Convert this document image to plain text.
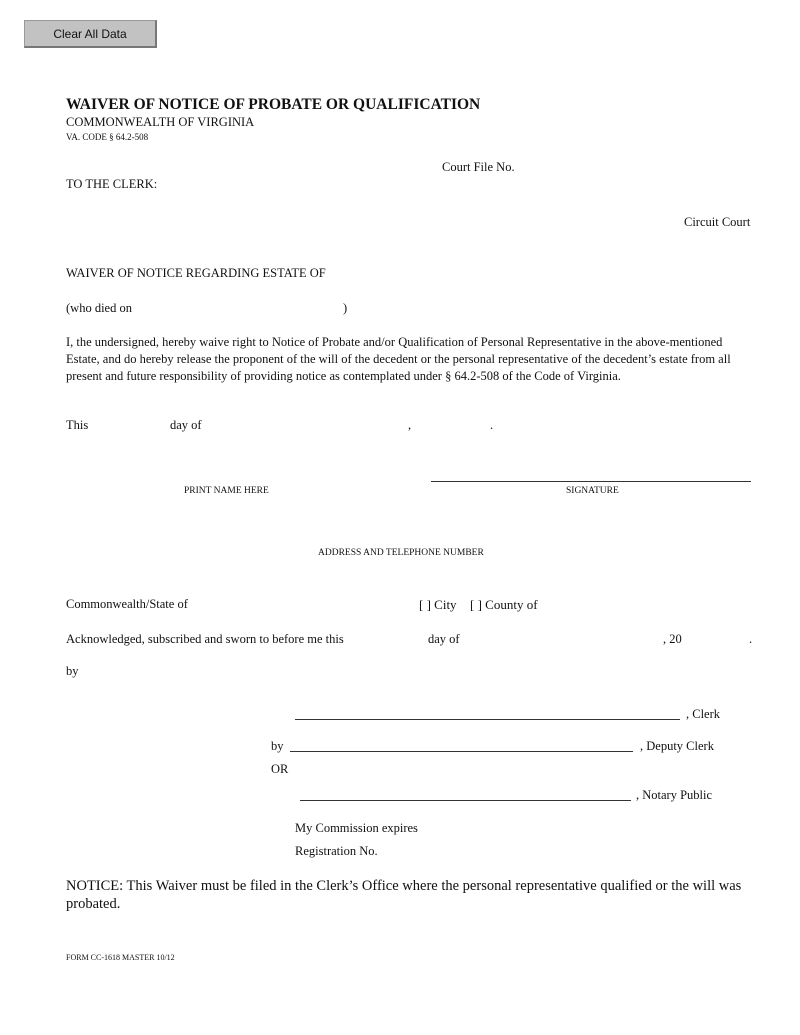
Clear All Data
WAIVER OF NOTICE OF PROBATE OR QUALIFICATION
COMMONWEALTH OF VIRGINIA
VA. CODE § 64.2-508
Court File No.
TO THE CLERK:
Circuit Court
WAIVER OF NOTICE REGARDING ESTATE OF
(who died on	)
I, the undersigned, hereby waive right to Notice of Probate and/or Qualification of Personal Representative in the above-mentioned Estate, and do hereby release the proponent of the will of the decedent or the personal representative of the decedent’s estate from all present and future responsibility of providing notice as contemplated under § 64.2-508 of the Code of Virginia.
This	day of	,	.
PRINT NAME HERE	SIGNATURE
ADDRESS AND TELEPHONE NUMBER
Commonwealth/State of	[ ] City [ ] County of
Acknowledged, subscribed and sworn to before me this	day of	, 20	.
by
, Clerk
by	, Deputy Clerk
OR
, Notary Public
My Commission expires
Registration No.
NOTICE: This Waiver must be filed in the Clerk’s Office where the personal representative qualified or the will was probated.
FORM CC-1618 MASTER 10/12
